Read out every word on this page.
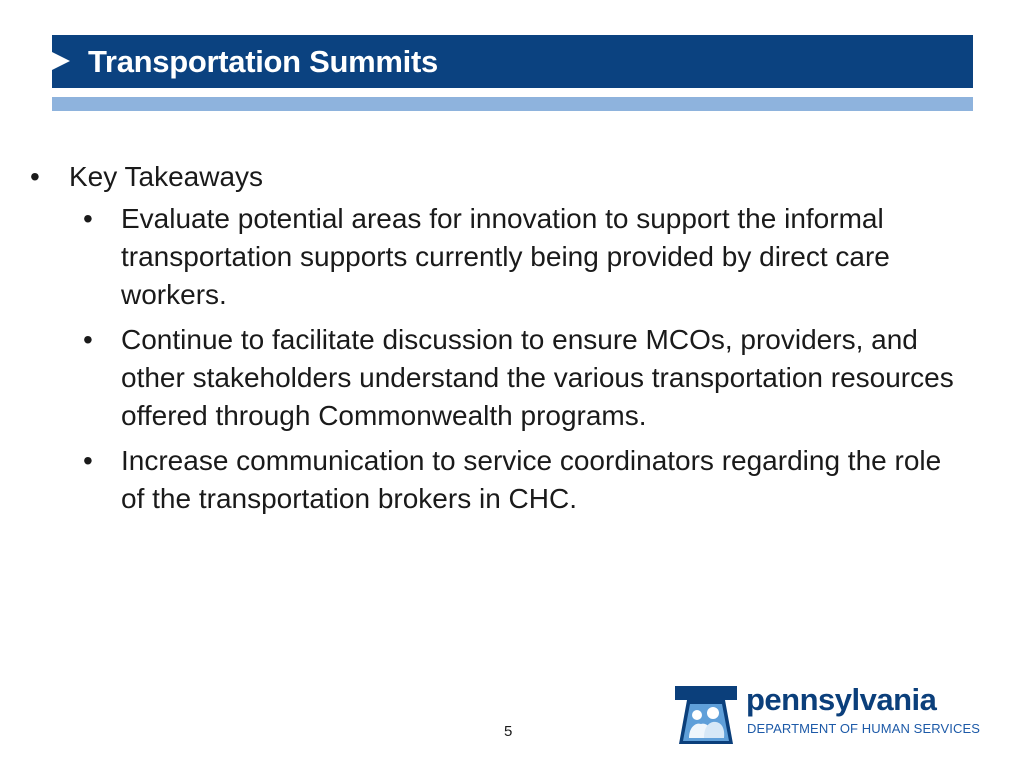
Transportation Summits
• Key Takeaways
• Evaluate potential areas for innovation to support the informal transportation supports currently being provided by direct care workers.
• Continue to facilitate discussion to ensure MCOs, providers, and other stakeholders understand the various transportation resources offered through Commonwealth programs.
• Increase communication to service coordinators regarding the role of the transportation brokers in CHC.
5
pennsylvania
DEPARTMENT OF HUMAN SERVICES
